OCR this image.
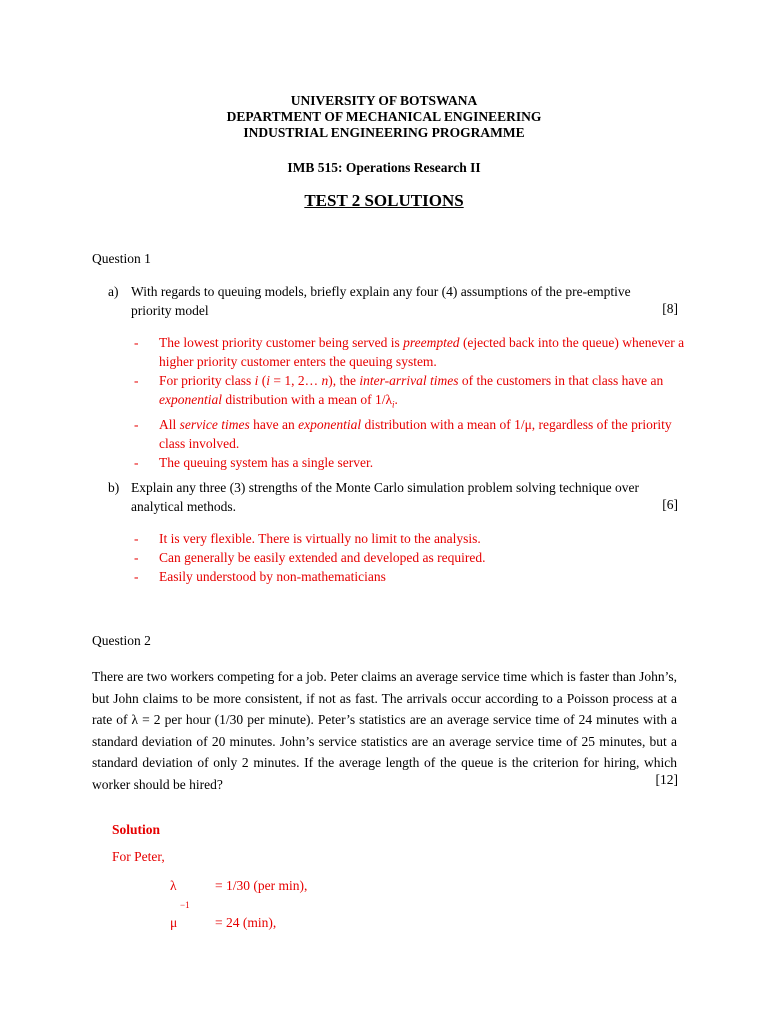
UNIVERSITY OF BOTSWANA
DEPARTMENT OF MECHANICAL ENGINEERING
INDUSTRIAL ENGINEERING PROGRAMME
IMB 515: Operations Research II
TEST 2 SOLUTIONS
Question 1
a) With regards to queuing models, briefly explain any four (4) assumptions of the pre-emptive priority model	[8]
- The lowest priority customer being served is preempted (ejected back into the queue) whenever a higher priority customer enters the queuing system.
- For priority class i (i = 1, 2… n), the inter-arrival times of the customers in that class have an exponential distribution with a mean of $1/\lambda_i$.
- All service times have an exponential distribution with a mean of 1/μ, regardless of the priority class involved.
- The queuing system has a single server.
b) Explain any three (3) strengths of the Monte Carlo simulation problem solving technique over analytical methods.	[6]
- It is very flexible. There is virtually no limit to the analysis.
- Can generally be easily extended and developed as required.
- Easily understood by non-mathematicians
Question 2
There are two workers competing for a job. Peter claims an average service time which is faster than John’s, but John claims to be more consistent, if not as fast. The arrivals occur according to a Poisson process at a rate of λ = 2 per hour (1/30 per minute). Peter’s statistics are an average service time of 24 minutes with a standard deviation of 20 minutes. John’s service statistics are an average service time of 25 minutes, but a standard deviation of only 2 minutes. If the average length of the queue is the criterion for hiring, which worker should be hired?	[12]
Solution
For Peter,
λ	= 1/30 (per min),
−1
μ	= 24 (min),
